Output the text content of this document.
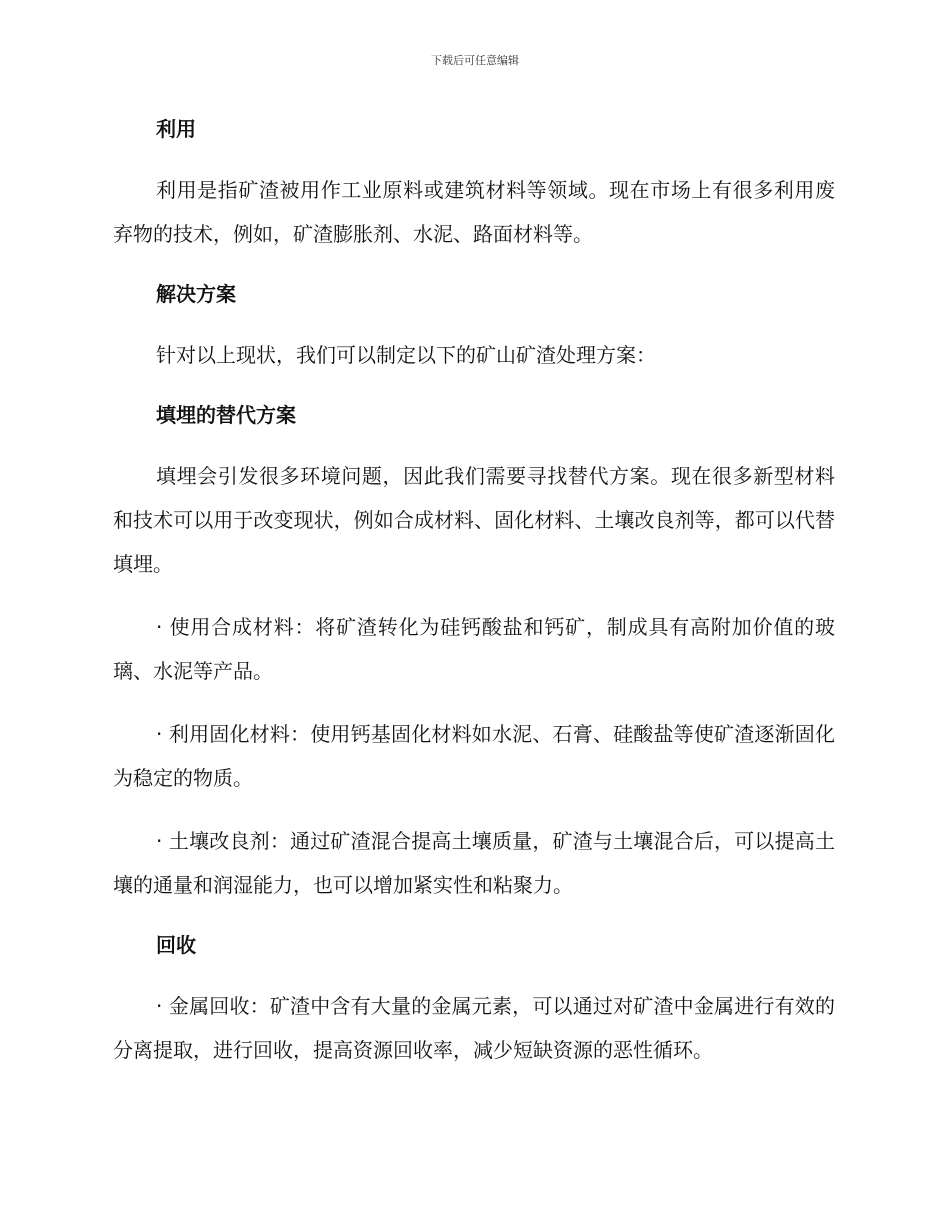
下载后可任意编辑
利用

利用是指矿渣被用作工业原料或建筑材料等领域。现在市场上有很多利用废弃物的技术，例如，矿渣膨胀剂、水泥、路面材料等。

解决方案

针对以上现状，我们可以制定以下的矿山矿渣处理方案：

填埋的替代方案

填埋会引发很多环境问题，因此我们需要寻找替代方案。现在很多新型材料和技术可以用于改变现状，例如合成材料、固化材料、土壤改良剂等，都可以代替填埋。

· 使用合成材料：将矿渣转化为硅钙酸盐和钙矿，制成具有高附加价值的玻璃、水泥等产品。

· 利用固化材料：使用钙基固化材料如水泥、石膏、硅酸盐等使矿渣逐渐固化为稳定的物质。

· 土壤改良剂：通过矿渣混合提高土壤质量，矿渣与土壤混合后，可以提高土壤的通量和润湿能力，也可以增加紧实性和粘聚力。

回收

· 金属回收：矿渣中含有大量的金属元素，可以通过对矿渣中金属进行有效的分离提取，进行回收，提高资源回收率，减少短缺资源的恶性循环。
